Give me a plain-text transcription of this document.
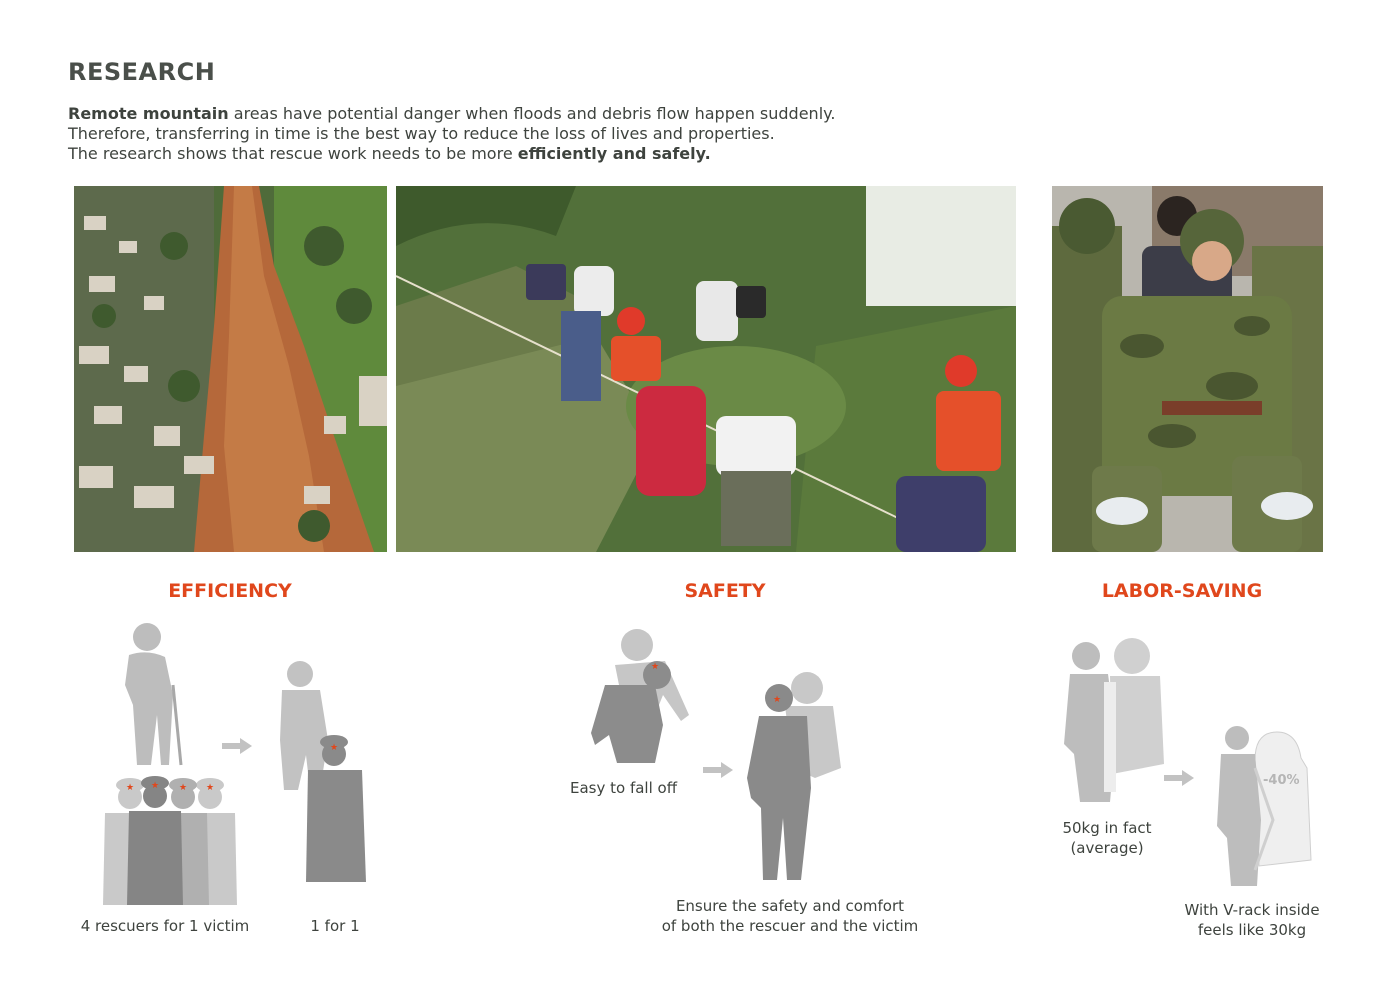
RESEARCH
Remote mountain areas have potential danger when floods and debris flow happen suddenly.
Therefore, transferring in time is the best way to reduce the loss of lives and properties.
The research shows that rescue work needs to be more efficiently and safely.
EFFICIENCY	SAFETY	LABOR-SAVING
★ ★ ★ ★
★
4 rescuers for 1 victim	1 for 1
★
Easy to fall off
★
Ensure the safety and comfort
of both the rescuer and the victim
50kg in fact
(average)
-40%
With V-rack inside
feels like 30kg
